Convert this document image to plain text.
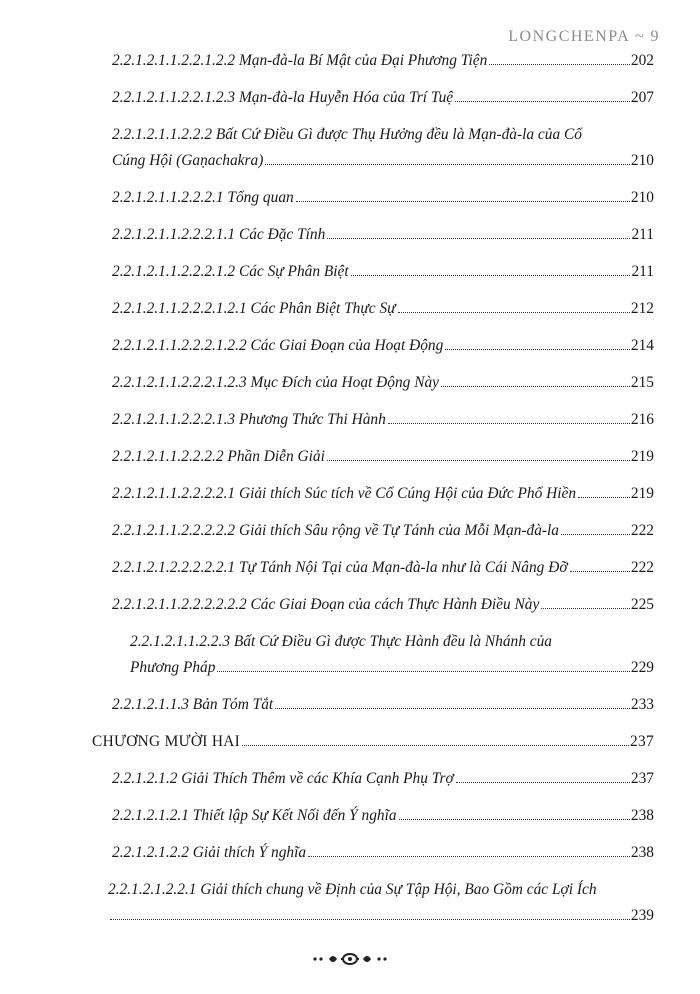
LONGCHENPA ~ 9
2.2.1.2.1.1.2.2.1.2.2 Mạn-đà-la Bí Mật của Đại Phương Tiện	202
2.2.1.2.1.1.2.2.1.2.3 Mạn-đà-la Huyễn Hóa của Trí Tuệ	207
2.2.1.2.1.1.2.2.2 Bất Cứ Điều Gì được Thụ Hưởng đều là Mạn-đà-la của Cổ
Cúng Hội (Gaṇachakra)	210
2.2.1.2.1.1.2.2.2.1 Tổng quan	210
2.2.1.2.1.1.2.2.2.1.1 Các Đặc Tính	211
2.2.1.2.1.1.2.2.2.1.2 Các Sự Phân Biệt	211
2.2.1.2.1.1.2.2.2.1.2.1 Các Phân Biệt Thực Sự	212
2.2.1.2.1.1.2.2.2.1.2.2 Các Giai Đoạn của Hoạt Động	214
2.2.1.2.1.1.2.2.2.1.2.3 Mục Đích của Hoạt Động Này	215
2.2.1.2.1.1.2.2.2.1.3 Phương Thức Thi Hành	216
2.2.1.2.1.1.2.2.2.2 Phần Diễn Giải	219
2.2.1.2.1.1.2.2.2.2.1 Giải thích Súc tích về Cổ Cúng Hội của Đức Phổ Hiền	219
2.2.1.2.1.1.2.2.2.2.2 Giải thích Sâu rộng về Tự Tánh của Mỗi Mạn-đà-la	222
2.2.1.2.1.2.2.2.2.2.1 Tự Tánh Nội Tại của Mạn-đà-la như là Cái Nâng Đỡ	222
2.2.1.2.1.1.2.2.2.2.2.2 Các Giai Đoạn của cách Thực Hành Điều Này	225
2.2.1.2.1.1.2.2.3 Bất Cứ Điều Gì được Thực Hành đều là Nhánh của
Phương Pháp	229
2.2.1.2.1.1.3 Bản Tóm Tắt	233
CHƯƠNG MƯỜI HAI	237
2.2.1.2.1.2 Giải Thích Thêm về các Khía Cạnh Phụ Trợ	237
2.2.1.2.1.2.1 Thiết lập Sự Kết Nối đến Ý nghĩa	238
2.2.1.2.1.2.2 Giải thích Ý nghĩa	238
2.2.1.2.1.2.2.1 Giải thích chung về Định của Sự Tập Hội, Bao Gồm các Lợi Ích
239
